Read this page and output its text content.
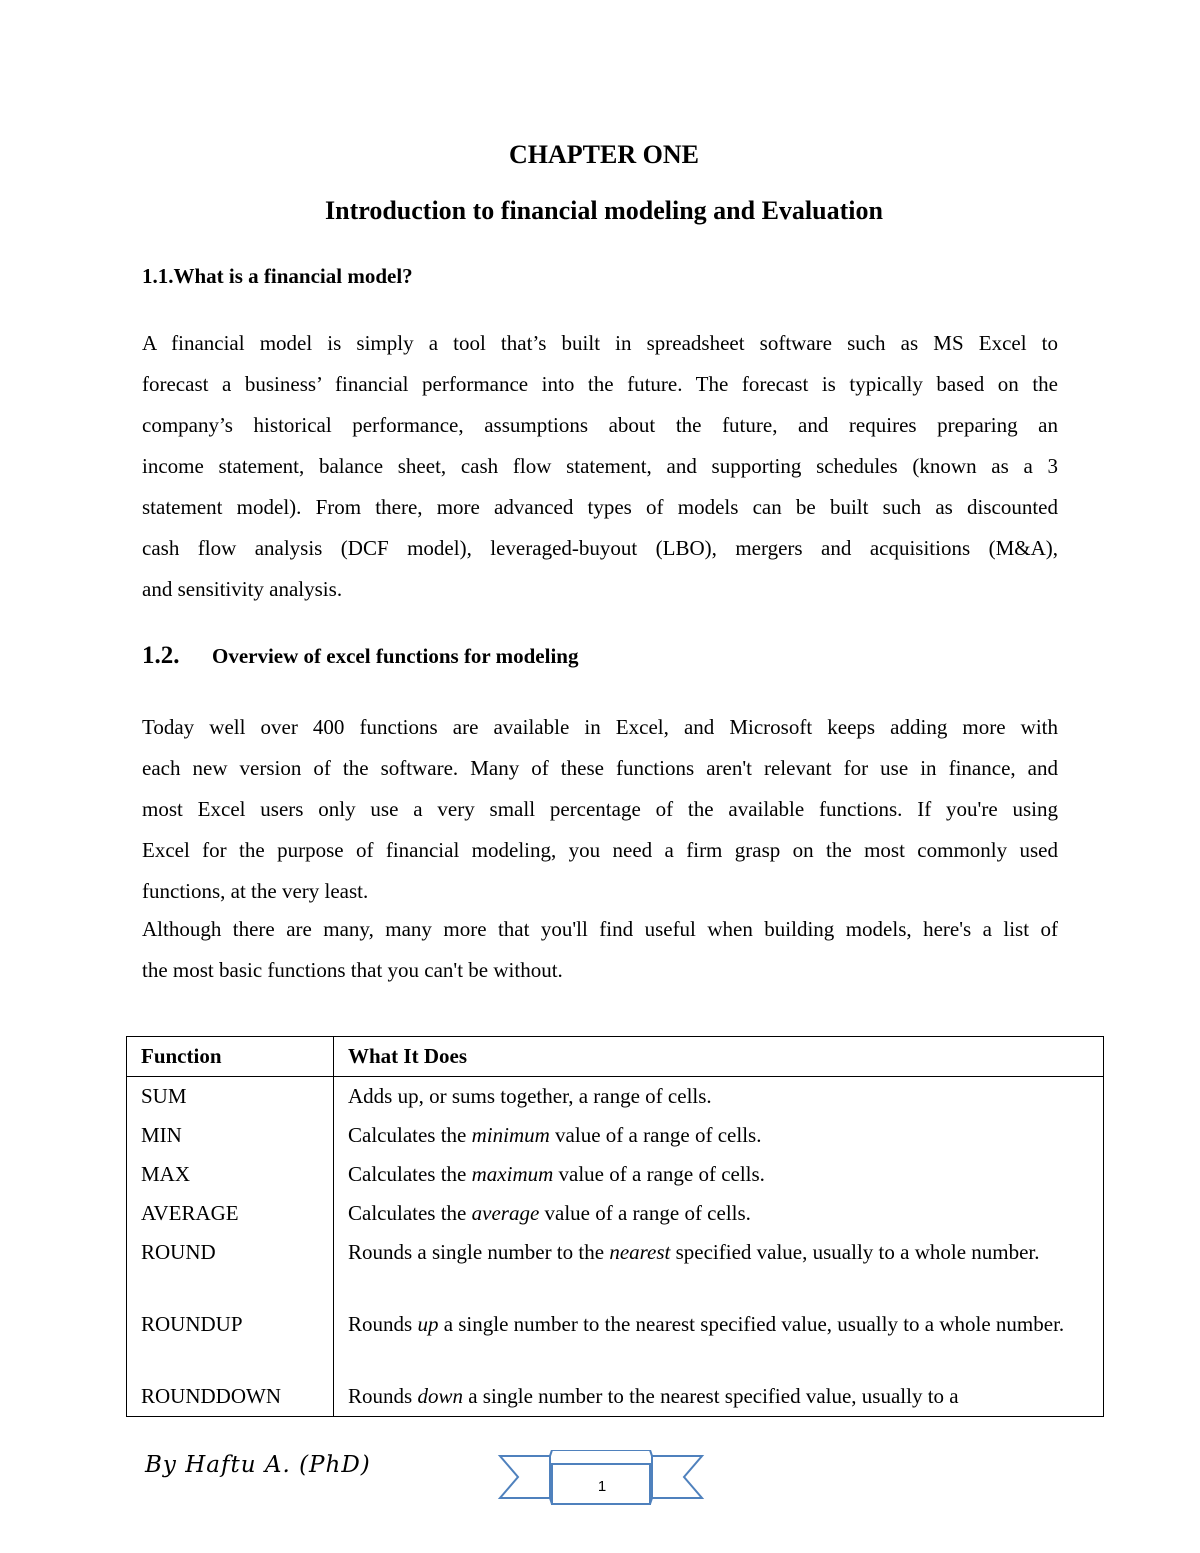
CHAPTER ONE
Introduction to financial modeling and Evaluation
1.1.What is a financial model?
A financial model is simply a tool that’s built in spreadsheet software such as MS Excel to
forecast a business’ financial performance into the future. The forecast is typically based on the
company’s historical performance, assumptions about the future, and requires preparing an
income statement, balance sheet, cash flow statement, and supporting schedules (known as a 3
statement model). From there, more advanced types of models can be built such as discounted
cash flow analysis (DCF model), leveraged-buyout (LBO), mergers and acquisitions (M&A),
and sensitivity analysis.
1.2. Overview of excel functions for modeling
Today well over 400 functions are available in Excel, and Microsoft keeps adding more with
each new version of the software. Many of these functions aren't relevant for use in finance, and
most Excel users only use a very small percentage of the available functions. If you're using
Excel for the purpose of financial modeling, you need a firm grasp on the most commonly used
functions, at the very least.
Although there are many, many more that you'll find useful when building models, here's a list of
the most basic functions that you can't be without.
Function	What It Does
SUM	Adds up, or sums together, a range of cells.
MIN	Calculates the minimum value of a range of cells.
MAX	Calculates the maximum value of a range of cells.
AVERAGE	Calculates the average value of a range of cells.
ROUND	Rounds a single number to the nearest specified value, usually to a whole number.
ROUNDUP	Rounds up a single number to the nearest specified value, usually to a whole number.
ROUNDDOWN	Rounds down a single number to the nearest specified value, usually to a
By Haftu A. (PhD)
1
